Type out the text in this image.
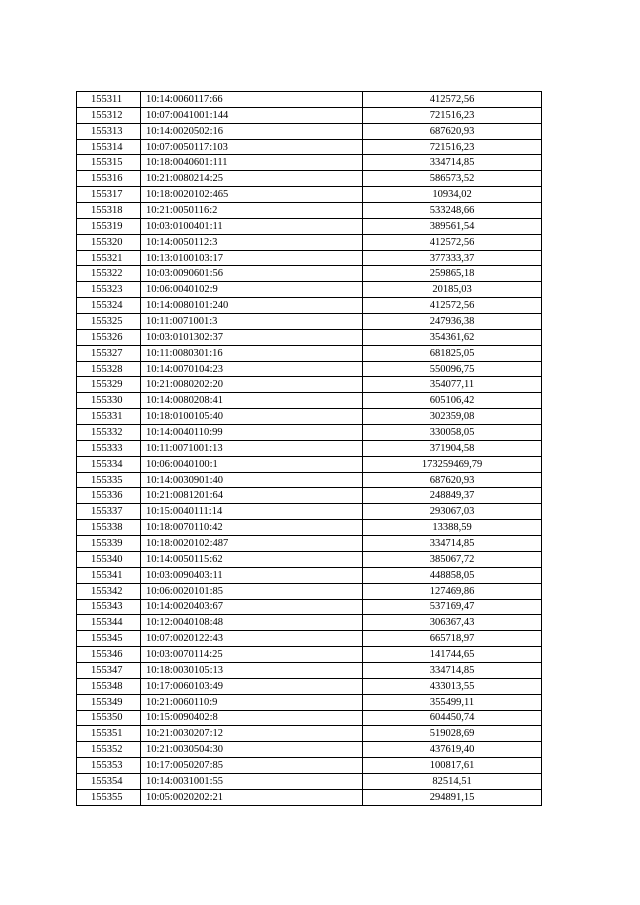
155311	10:14:0060117:66	412572,56
155312	10:07:0041001:144	721516,23
155313	10:14:0020502:16	687620,93
155314	10:07:0050117:103	721516,23
155315	10:18:0040601:111	334714,85
155316	10:21:0080214:25	586573,52
155317	10:18:0020102:465	10934,02
155318	10:21:0050116:2	533248,66
155319	10:03:0100401:11	389561,54
155320	10:14:0050112:3	412572,56
155321	10:13:0100103:17	377333,37
155322	10:03:0090601:56	259865,18
155323	10:06:0040102:9	20185,03
155324	10:14:0080101:240	412572,56
155325	10:11:0071001:3	247936,38
155326	10:03:0101302:37	354361,62
155327	10:11:0080301:16	681825,05
155328	10:14:0070104:23	550096,75
155329	10:21:0080202:20	354077,11
155330	10:14:0080208:41	605106,42
155331	10:18:0100105:40	302359,08
155332	10:14:0040110:99	330058,05
155333	10:11:0071001:13	371904,58
155334	10:06:0040100:1	173259469,79
155335	10:14:0030901:40	687620,93
155336	10:21:0081201:64	248849,37
155337	10:15:0040111:14	293067,03
155338	10:18:0070110:42	13388,59
155339	10:18:0020102:487	334714,85
155340	10:14:0050115:62	385067,72
155341	10:03:0090403:11	448858,05
155342	10:06:0020101:85	127469,86
155343	10:14:0020403:67	537169,47
155344	10:12:0040108:48	306367,43
155345	10:07:0020122:43	665718,97
155346	10:03:0070114:25	141744,65
155347	10:18:0030105:13	334714,85
155348	10:17:0060103:49	433013,55
155349	10:21:0060110:9	355499,11
155350	10:15:0090402:8	604450,74
155351	10:21:0030207:12	519028,69
155352	10:21:0030504:30	437619,40
155353	10:17:0050207:85	100817,61
155354	10:14:0031001:55	82514,51
155355	10:05:0020202:21	294891,15
